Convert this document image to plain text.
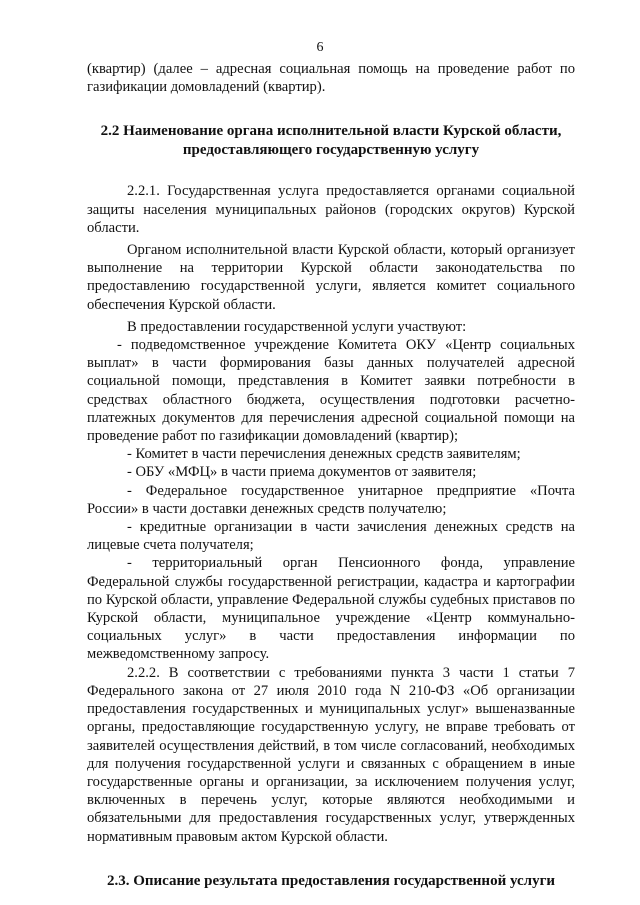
6

(квартир) (далее – адресная социальная помощь на проведение работ по газификации домовладений (квартир).

2.2 Наименование органа исполнительной власти Курской области, предоставляющего государственную услугу

2.2.1. Государственная услуга предоставляется органами социальной защиты населения муниципальных районов (городских округов) Курской области.

Органом исполнительной власти Курской области, который организует выполнение на территории Курской области законодательства по предоставлению государственной услуги, является комитет социального обеспечения Курской области.

В предоставлении государственной услуги участвуют:

- подведомственное учреждение Комитета ОКУ «Центр социальных выплат» в части формирования базы данных получателей адресной социальной помощи, представления в Комитет заявки потребности в средствах областного бюджета, осуществления подготовки расчетно-платежных документов для перечисления адресной социальной помощи на проведение работ по газификации домовладений (квартир);

- Комитет в части перечисления денежных средств заявителям;

- ОБУ «МФЦ» в части приема документов от заявителя;

- Федеральное государственное унитарное предприятие «Почта России» в части доставки денежных средств получателю;

- кредитные организации в части зачисления денежных средств на лицевые счета получателя;

- территориальный орган Пенсионного фонда, управление Федеральной службы государственной регистрации, кадастра и картографии по Курской области, управление Федеральной службы судебных приставов по Курской области, муниципальное учреждение «Центр коммунально-социальных услуг» в части предоставления информации по межведомственному запросу.

2.2.2. В соответствии с требованиями пункта 3 части 1 статьи 7 Федерального закона от 27 июля 2010 года N 210-ФЗ «Об организации предоставления государственных и муниципальных услуг» вышеназванные органы, предоставляющие государственную услугу, не вправе требовать от заявителей осуществления действий, в том числе согласований, необходимых для получения государственной услуги и связанных с обращением в иные государственные органы и организации, за исключением получения услуг, включенных в перечень услуг, которые являются необходимыми и обязательными для предоставления государственных услуг, утвержденных нормативным правовым актом Курской области.

2.3. Описание результата предоставления государственной услуги
